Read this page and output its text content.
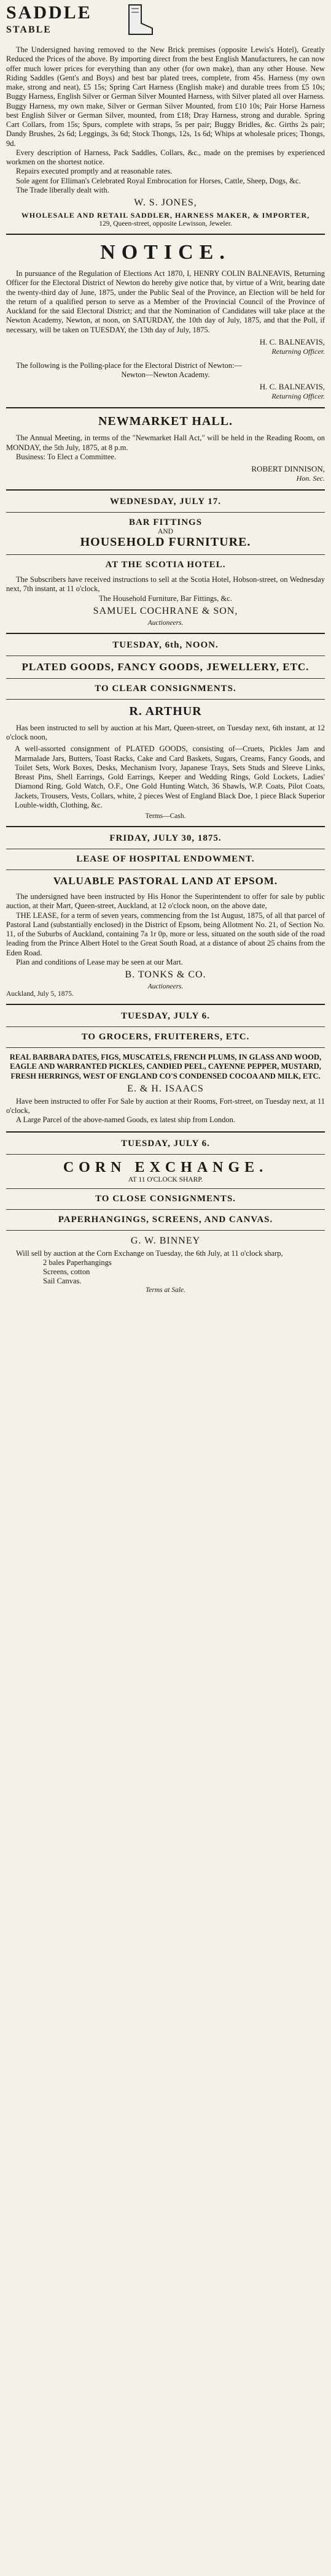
SADDLE
STABLE

The Undersigned having removed to the New Brick premises (opposite Lewis's Hotel), Greatly Reduced the Prices of the above. By importing direct from the best English Manufacturers, he can now offer much lower prices for everything than any other (for own make), than any other House. New Riding Saddles (Gent's and Boys) and best bar plated trees, complete, from 45s. Harness (my own make, strong and neat), £5 15s; Spring Cart Harness (English make) and durable trees from £5 10s; Buggy Harness, English Silver or German Silver Mounted Harness, with Silver plated all over Harness. Buggy Harness, my own make, Silver or German Silver Mounted, from £10 10s; Pair Horse Harness best English Silver or German Silver, mounted, from £18; Dray Harness, strong and durable. Spring Cart Collars, from 15s; Spurs, complete with straps, 5s per pair; Buggy Bridles, &c. Girths 2s pair; Dandy Brushes, 2s 6d; Leggings, 3s 6d; Stock Thongs, 12s, 1s 6d; Whips at wholesale prices; Thongs, 9d.

Every description of Harness, Pack Saddles, Collars, &c., made on the premises by experienced workmen on the shortest notice.

Repairs executed promptly and at reasonable rates.

Sole agent for Elliman's Celebrated Royal Embrocation for Horses, Cattle, Sheep, Dogs, &c.

The Trade liberally dealt with.

W. S. JONES,
WHOLESALE AND RETAIL SADDLER, HARNESS MAKER, & IMPORTER,
129, Queen-street, opposite Lewisson, Jeweler.
NOTICE.

In pursuance of the Regulation of Elections Act 1870, I, HENRY COLIN BALNEAVIS, Returning Officer for the Electoral District of Newton do hereby give notice that, by virtue of a Writ, bearing date the twenty-third day of June, 1875, under the Public Seal of the Province, an Election will be held for the return of a qualified person to serve as a Member of the Provincial Council of the Province of Auckland for the said Electoral District; and that the Nomination of Candidates will take place at the Newton Academy, Newton, at noon, on SATURDAY, the 10th day of July, 1875, and that the Poll, if necessary, will be taken on TUESDAY, the 13th day of July, 1875.

H. C. BALNEAVIS,
Returning Officer.

The following is the Polling-place for the Electoral District of Newton:—

Newton—Newton Academy.

H. C. BALNEAVIS,
Returning Officer.
NEWMARKET HALL.

The Annual Meeting, in terms of the "Newmarket Hall Act," will be held in the Reading Room, on MONDAY, the 5th July, 1875, at 8 p.m.

Business: To Elect a Committee.

ROBERT DINNISON,
Hon. Sec.
WEDNESDAY, JULY 17.
BAR FITTINGS
AND
HOUSEHOLD FURNITURE.
AT THE SCOTIA HOTEL.

The Subscribers have received instructions to sell at the Scotia Hotel, Hobson-street, on Wednesday next, 7th instant, at 11 o'clock,

The Household Furniture, Bar Fittings, &c.

SAMUEL COCHRANE & SON,
Auctioneers.
TUESDAY, 6th, NOON.
PLATED GOODS, FANCY GOODS, JEWELLERY, ETC.
TO CLEAR CONSIGNMENTS.
R. ARTHUR

Has been instructed to sell by auction at his Mart, Queen-street, on Tuesday next, 6th instant, at 12 o'clock noon,

A well-assorted consignment of PLATED GOODS, consisting of—Cruets, Pickles Jam and Marmalade Jars, Butters, Toast Racks, Cake and Card Baskets, Sugars, Creams, Fancy Goods, and Toilet Sets, Work Boxes, Desks, Mechanism Ivory, Japanese Trays, Sets Studs and Sleeve Links, Breast Pins, Shell Earrings, Gold Earrings, Keeper and Wedding Rings, Gold Lockets, Ladies' Diamond Ring, Gold Watch, O.F., One Gold Hunting Watch, 36 Shawls, W.P. Coats, Pilot Coats, Jackets, Trousers, Vests, Collars, white, 2 pieces West of England Black Doe, 1 piece Black Superior Louble-width, Clothing, &c.

Terms—Cash.
FRIDAY, JULY 30, 1875.
LEASE OF HOSPITAL ENDOWMENT.
VALUABLE PASTORAL LAND AT EPSOM.

The undersigned have been instructed by His Honor the Superintendent to offer for sale by public auction, at their Mart, Queen-street, Auckland, at 12 o'clock noon, on the above date,

THE LEASE, for a term of seven years, commencing from the 1st August, 1875, of all that parcel of Pastoral Land (substantially enclosed) in the District of Epsom, being Allotment No. 21, of Section No. 11, of the Suburbs of Auckland, containing 7a 1r 0p, more or less, situated on the south side of the road leading from the Prince Albert Hotel to the Great South Road, at a distance of about 25 chains from the Eden Road.

Plan and conditions of Lease may be seen at our Mart.

B. TONKS & CO.
Auctioneers.
Auckland, July 5, 1875.
TUESDAY, JULY 6.
TO GROCERS, FRUITERERS, ETC.

REAL BARBARA DATES, FIGS, MUSCATELS, FRENCH PLUMS, IN GLASS AND WOOD, EAGLE AND WARRANTED PICKLES, CANDIED PEEL, CAYENNE PEPPER, MUSTARD, FRESH HERRINGS, WEST OF ENGLAND CO'S CONDENSED COCOA AND MILK, ETC.

E. & H. ISAACS

Have been instructed to offer For Sale by auction at their Rooms, Fort-street, on Tuesday next, at 11 o'clock,

A Large Parcel of the above-named Goods, ex latest ship from London.

TUESDAY, JULY 6.
CORN EXCHANGE.
AT 11 O'CLOCK SHARP.
TO CLOSE CONSIGNMENTS.
PAPERHANGINGS, SCREENS, AND CANVAS.
G. W. BINNEY

Will sell by auction at the Corn Exchange on Tuesday, the 6th July, at 11 o'clock sharp,

2 bales Paperhangings
Screens, cotton
Sail Canvas.
Terms at Sale.
